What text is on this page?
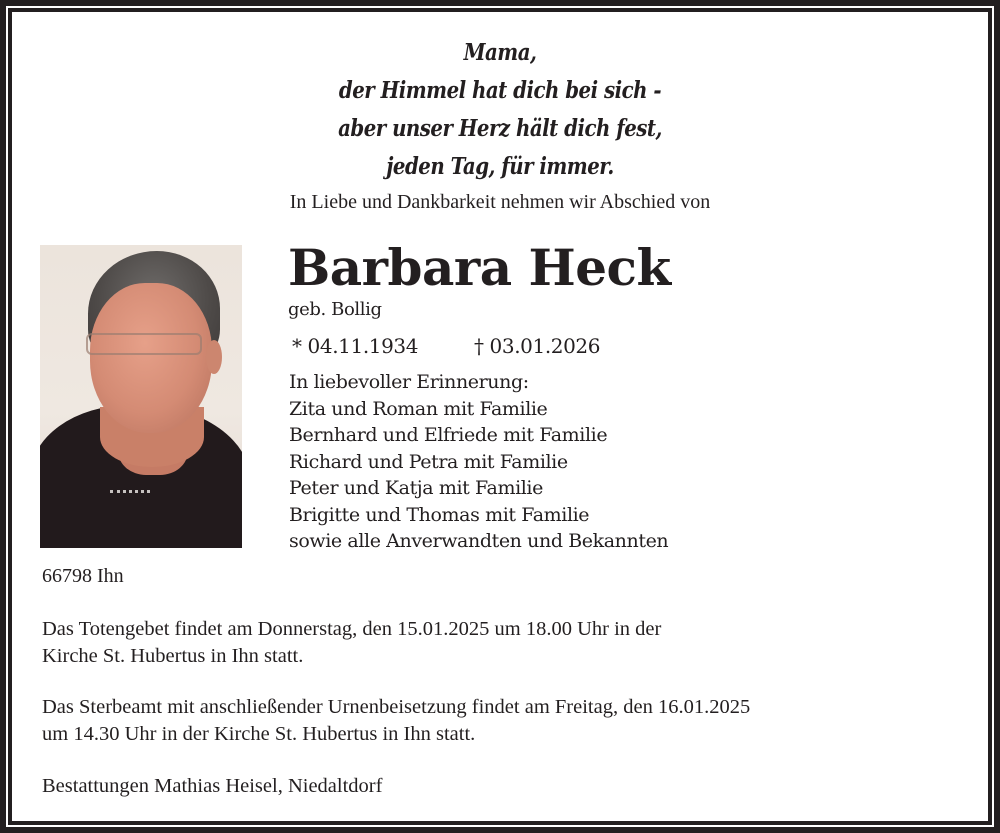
Mama,
der Himmel hat dich bei sich -
aber unser Herz hält dich fest,
jeden Tag, für immer.
In Liebe und Dankbarkeit nehmen wir Abschied von
Barbara Heck
geb. Bollig
* 04.11.1934	† 03.01.2026
In liebevoller Erinnerung:
Zita und Roman mit Familie
Bernhard und Elfriede mit Familie
Richard und Petra mit Familie
Peter und Katja mit Familie
Brigitte und Thomas mit Familie
sowie alle Anverwandten und Bekannten
66798 Ihn
Das Totengebet findet am Donnerstag, den 15.01.2025 um 18.00 Uhr in der
Kirche St. Hubertus in Ihn statt.
Das Sterbeamt mit anschließender Urnenbeisetzung findet am Freitag, den 16.01.2025
um 14.30 Uhr in der Kirche St. Hubertus in Ihn statt.
Bestattungen Mathias Heisel, Niedaltdorf
